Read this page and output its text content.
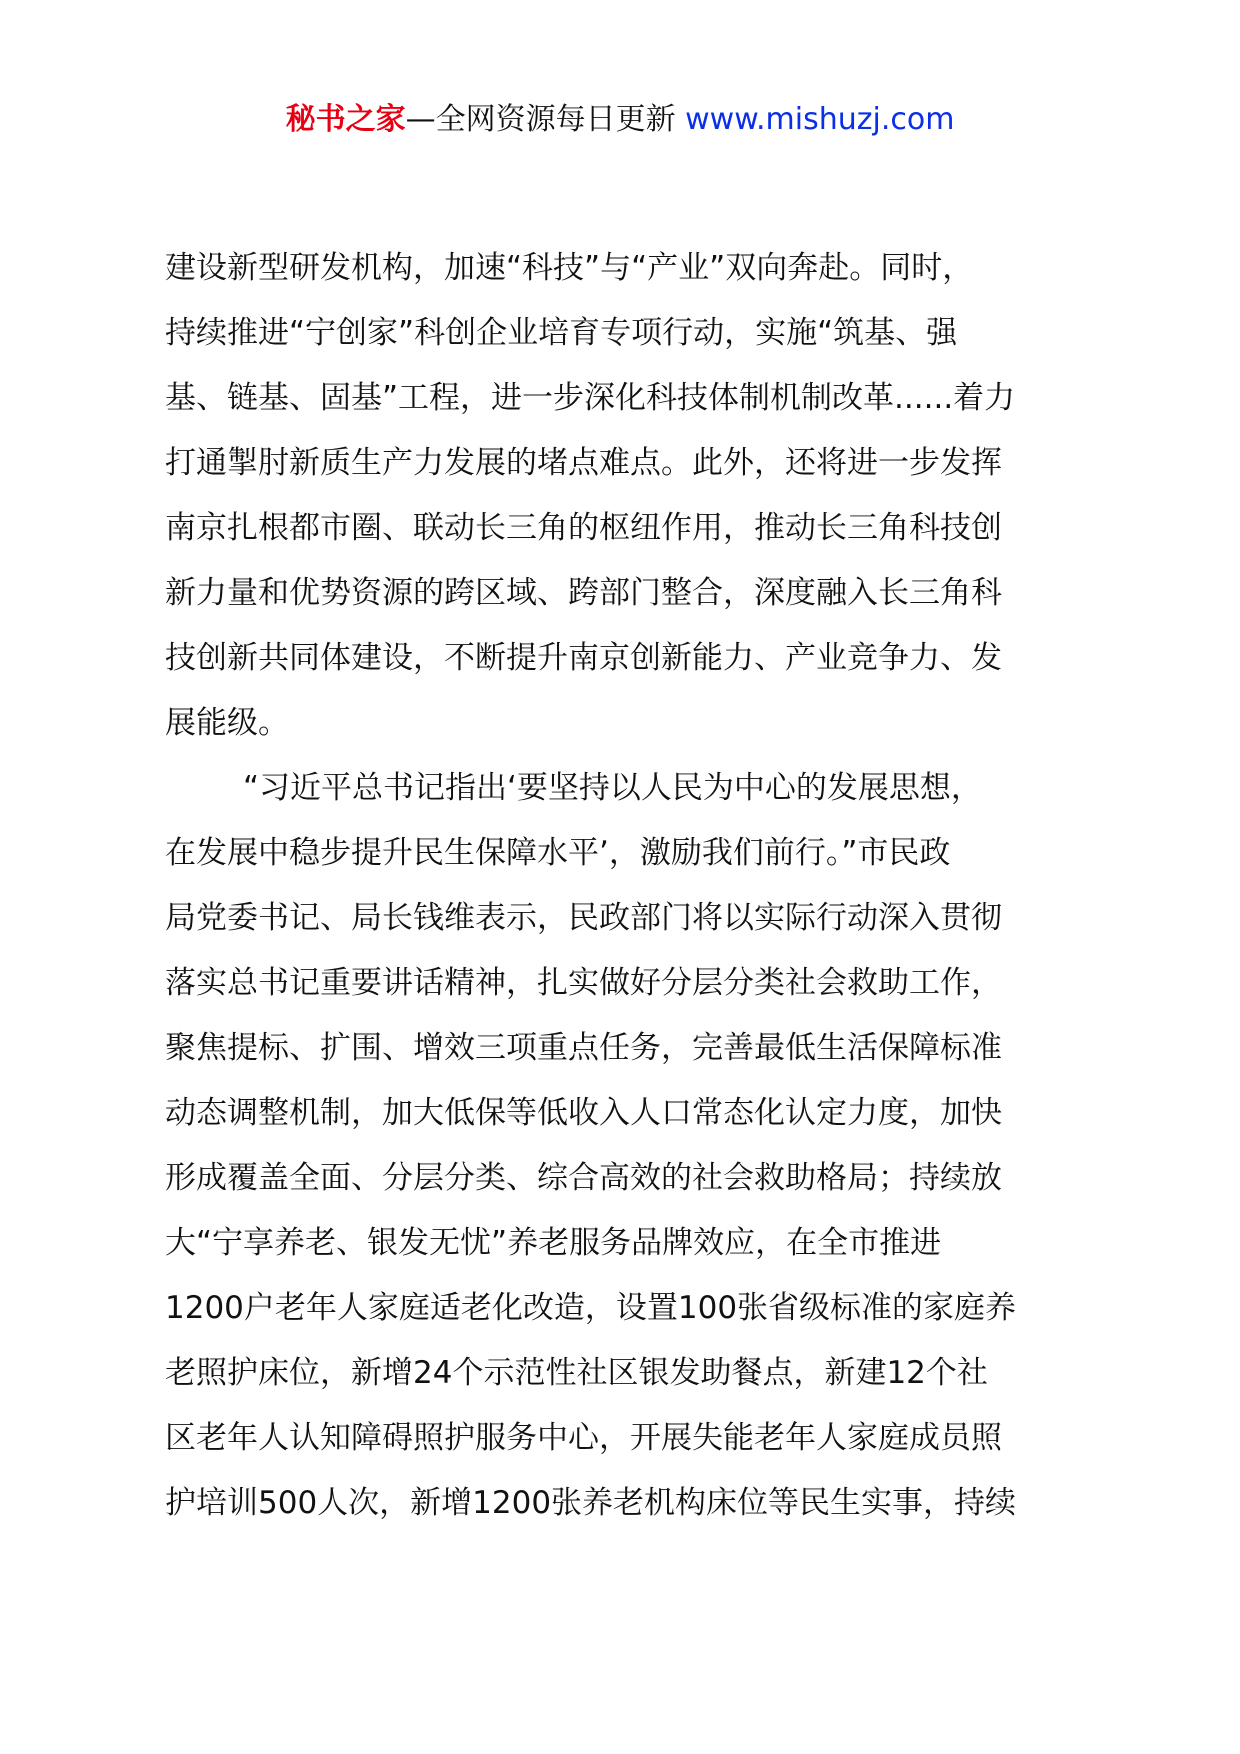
秘书之家—全网资源每日更新 www.mishuzj.com
建设新型研发机构，加速“科技”与“产业”双向奔赴。同时，
持续推进“宁创家”科创企业培育专项行动，实施“筑基、强
基、链基、固基”工程，进一步深化科技体制机制改革......着力
打通掣肘新质生产力发展的堵点难点。此外，还将进一步发挥
南京扎根都市圈、联动长三角的枢纽作用，推动长三角科技创
新力量和优势资源的跨区域、跨部门整合，深度融入长三角科
技创新共同体建设，不断提升南京创新能力、产业竞争力、发
展能级。
“习近平总书记指出‘要坚持以人民为中心的发展思想，
在发展中稳步提升民生保障水平’，激励我们前行。”市民政
局党委书记、局长钱维表示，民政部门将以实际行动深入贯彻
落实总书记重要讲话精神，扎实做好分层分类社会救助工作，
聚焦提标、扩围、增效三项重点任务，完善最低生活保障标准
动态调整机制，加大低保等低收入人口常态化认定力度，加快
形成覆盖全面、分层分类、综合高效的社会救助格局；持续放
大“宁享养老、银发无忧”养老服务品牌效应，在全市推进
1200户老年人家庭适老化改造，设置100张省级标准的家庭养
老照护床位，新增24个示范性社区银发助餐点，新建12个社
区老年人认知障碍照护服务中心，开展失能老年人家庭成员照
护培训500人次，新增1200张养老机构床位等民生实事，持续
